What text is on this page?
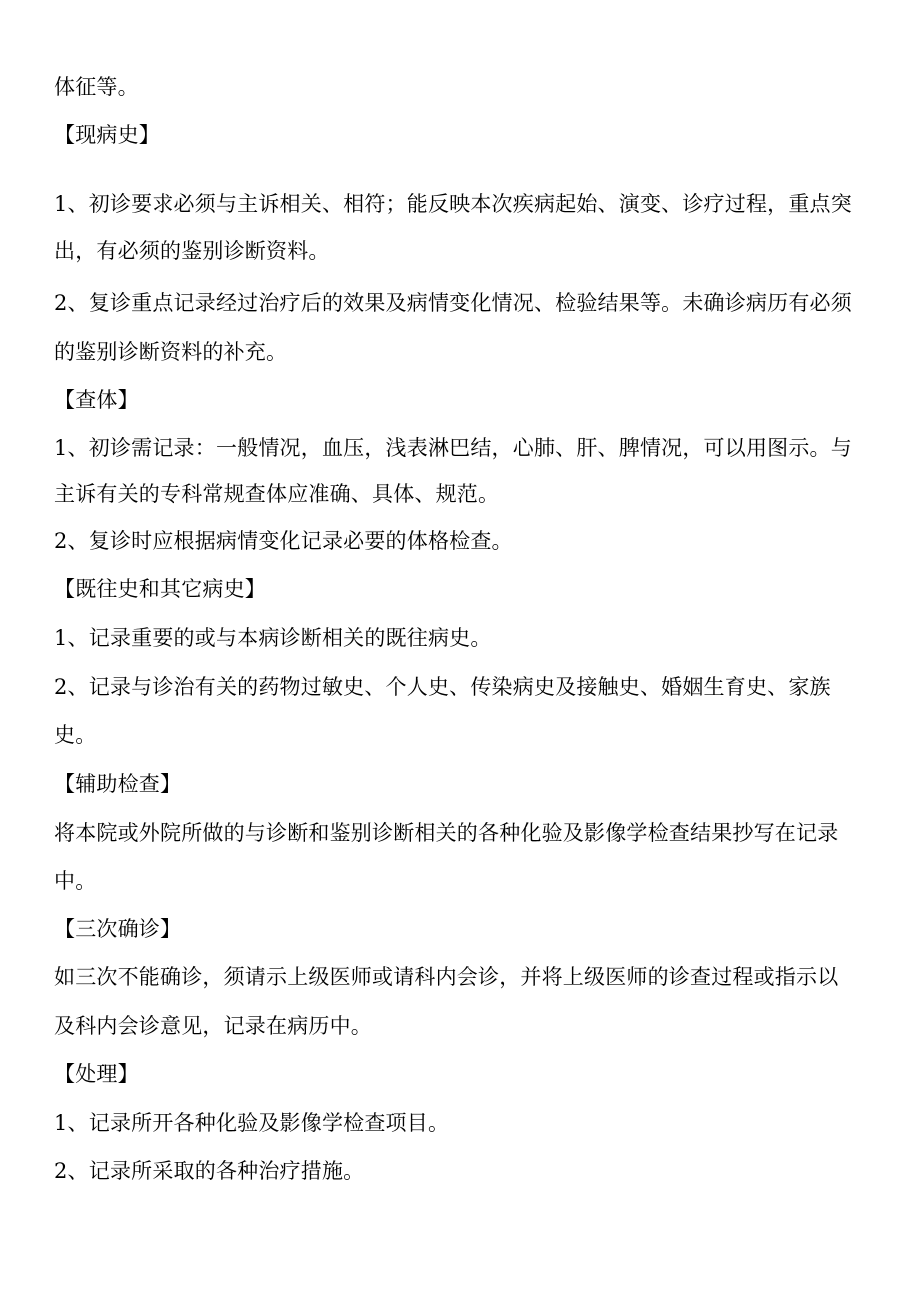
体征等。
【现病史】
1、初诊要求必须与主诉相关、相符；能反映本次疾病起始、演变、诊疗过程，重点突
出，有必须的鉴别诊断资料。
2、复诊重点记录经过治疗后的效果及病情变化情况、检验结果等。未确诊病历有必须
的鉴别诊断资料的补充。
【查体】
1、初诊需记录：一般情况，血压，浅表淋巴结，心肺、肝、脾情况，可以用图示。与
主诉有关的专科常规查体应准确、具体、规范。
2、复诊时应根据病情变化记录必要的体格检查。
【既往史和其它病史】
1、记录重要的或与本病诊断相关的既往病史。
2、记录与诊治有关的药物过敏史、个人史、传染病史及接触史、婚姻生育史、家族
史。
【辅助检查】
将本院或外院所做的与诊断和鉴别诊断相关的各种化验及影像学检查结果抄写在记录
中。
【三次确诊】
如三次不能确诊，须请示上级医师或请科内会诊，并将上级医师的诊查过程或指示以
及科内会诊意见，记录在病历中。
【处理】
1、记录所开各种化验及影像学检查项目。
2、记录所采取的各种治疗措施。
